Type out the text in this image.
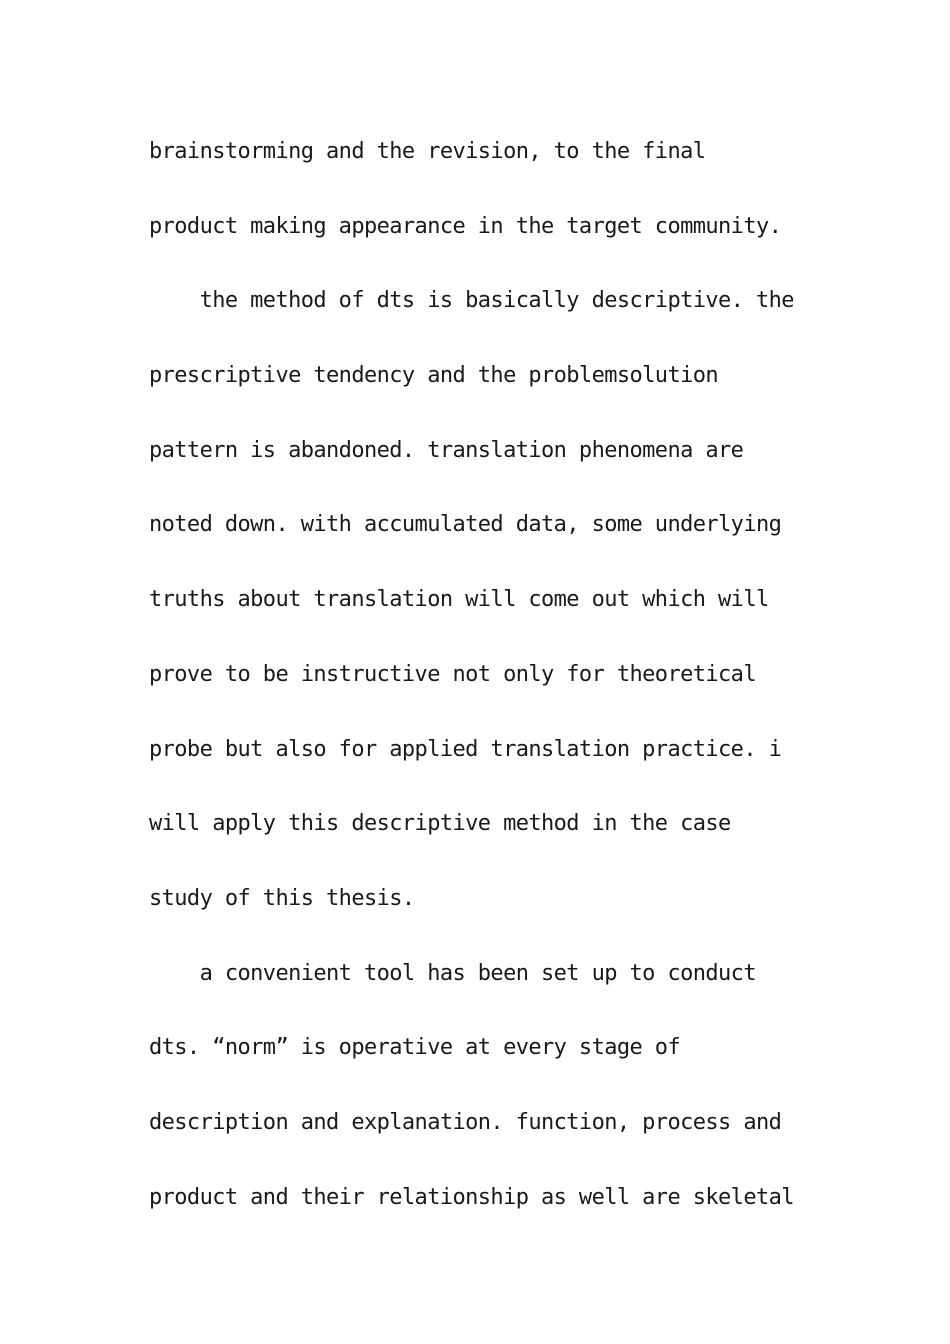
brainstorming and the revision, to the final
product making appearance in the target community.
the method of dts is basically descriptive. the
prescriptive tendency and the problemsolution
pattern is abandoned. translation phenomena are
noted down. with accumulated data, some underlying
truths about translation will come out which will
prove to be instructive not only for theoretical
probe but also for applied translation practice. i
will apply this descriptive method in the case
study of this thesis.
a convenient tool has been set up to conduct
dts. “norm” is operative at every stage of
description and explanation. function, process and
product and their relationship as well are skeletal
